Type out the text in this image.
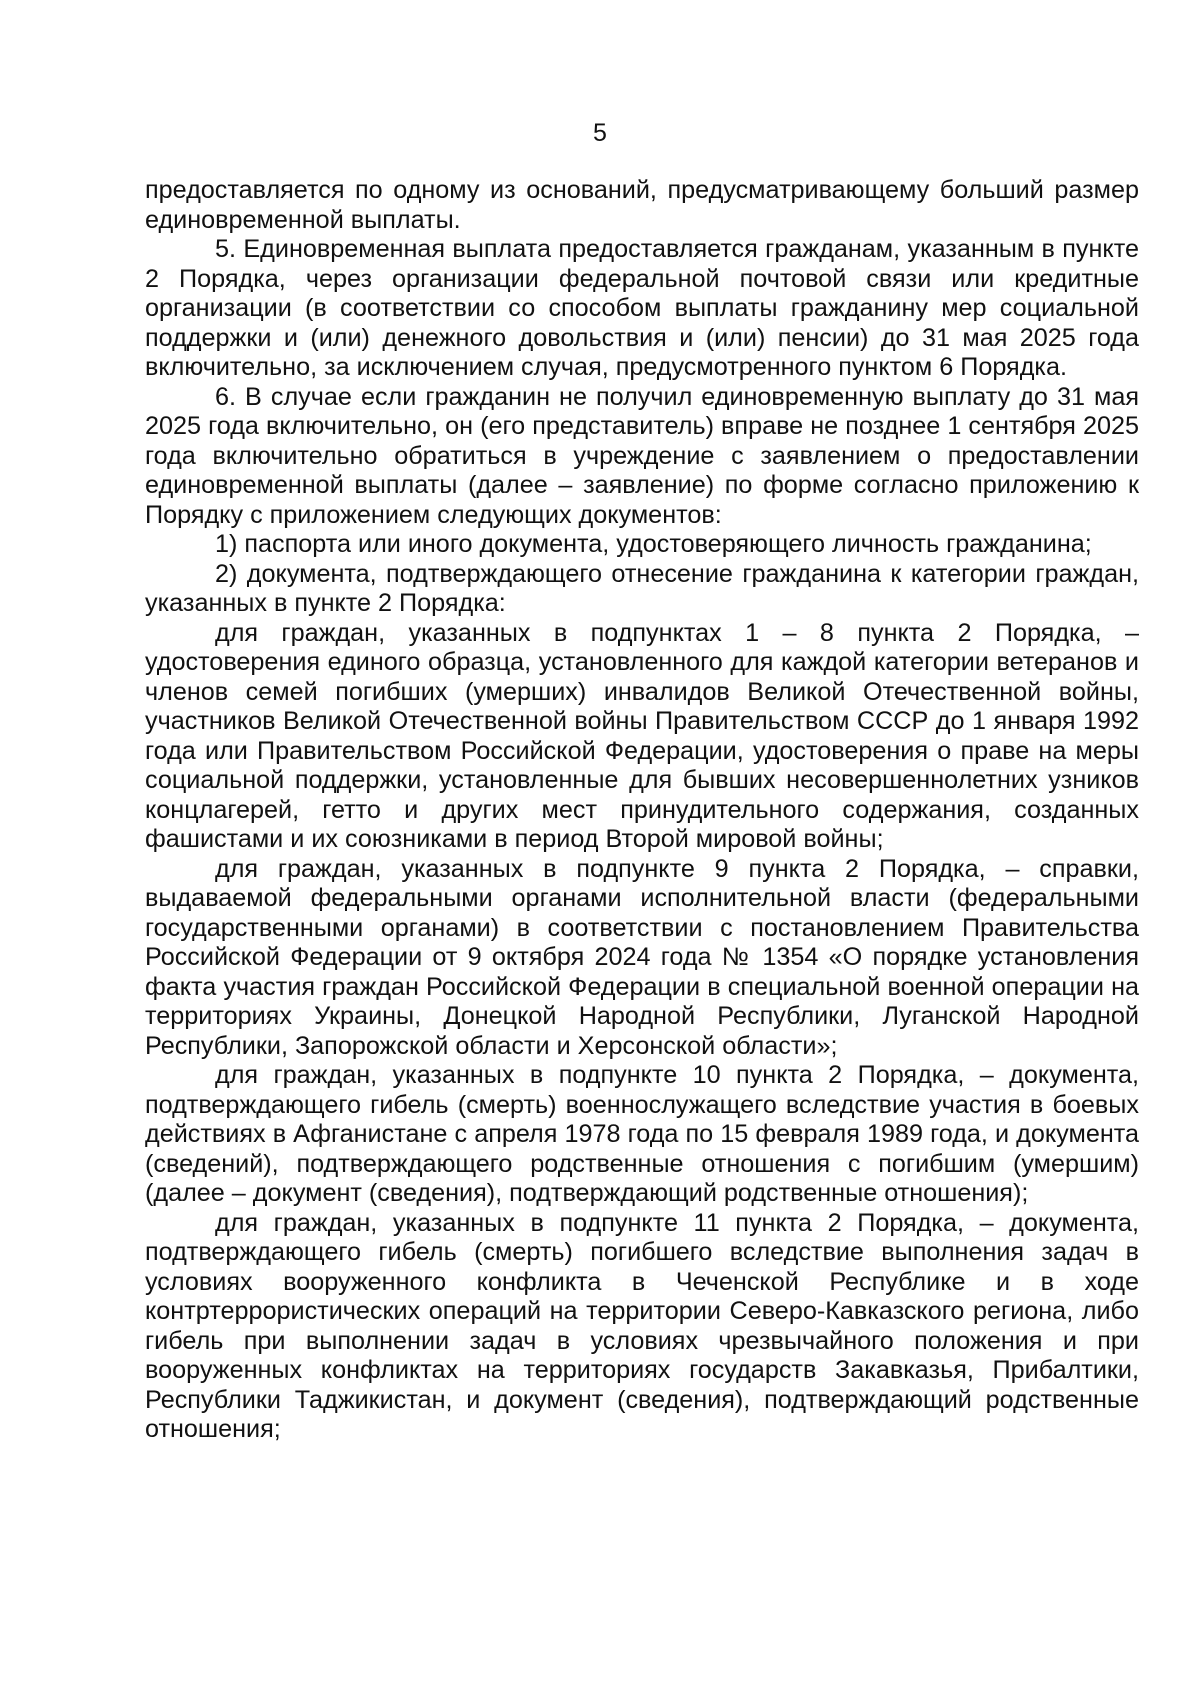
5

предоставляется по одному из оснований, предусматривающему больший размер единовременной выплаты.

5. Единовременная выплата предоставляется гражданам, указанным в пункте 2 Порядка, через организации федеральной почтовой связи или кредитные организации (в соответствии со способом выплаты гражданину мер социальной поддержки и (или) денежного довольствия и (или) пенсии) до 31 мая 2025 года включительно, за исключением случая, предусмотренного пунктом 6 Порядка.

6. В случае если гражданин не получил единовременную выплату до 31 мая 2025 года включительно, он (его представитель) вправе не позднее 1 сентября 2025 года включительно обратиться в учреждение с заявлением о предоставлении единовременной выплаты (далее – заявление) по форме согласно приложению к Порядку с приложением следующих документов:

1) паспорта или иного документа, удостоверяющего личность гражданина;

2) документа, подтверждающего отнесение гражданина к категории граждан, указанных в пункте 2 Порядка:

для граждан, указанных в подпунктах 1 – 8 пункта 2 Порядка, – удостоверения единого образца, установленного для каждой категории ветеранов и членов семей погибших (умерших) инвалидов Великой Отечественной войны, участников Великой Отечественной войны Правительством СССР до 1 января 1992 года или Правительством Российской Федерации, удостоверения о праве на меры социальной поддержки, установленные для бывших несовершеннолетних узников концлагерей, гетто и других мест принудительного содержания, созданных фашистами и их союзниками в период Второй мировой войны;

для граждан, указанных в подпункте 9 пункта 2 Порядка, – справки, выдаваемой федеральными органами исполнительной власти (федеральными государственными органами) в соответствии с постановлением Правительства Российской Федерации от 9 октября 2024 года № 1354 «О порядке установления факта участия граждан Российской Федерации в специальной военной операции на территориях Украины, Донецкой Народной Республики, Луганской Народной Республики, Запорожской области и Херсонской области»;

для граждан, указанных в подпункте 10 пункта 2 Порядка, – документа, подтверждающего гибель (смерть) военнослужащего вследствие участия в боевых действиях в Афганистане с апреля 1978 года по 15 февраля 1989 года, и документа (сведений), подтверждающего родственные отношения с погибшим (умершим) (далее – документ (сведения), подтверждающий родственные отношения);

для граждан, указанных в подпункте 11 пункта 2 Порядка, – документа, подтверждающего гибель (смерть) погибшего вследствие выполнения задач в условиях вооруженного конфликта в Чеченской Республике и в ходе контртеррористических операций на территории Северо-Кавказского региона, либо гибель при выполнении задач в условиях чрезвычайного положения и при вооруженных конфликтах на территориях государств Закавказья, Прибалтики, Республики Таджикистан, и документ (сведения), подтверждающий родственные отношения;
